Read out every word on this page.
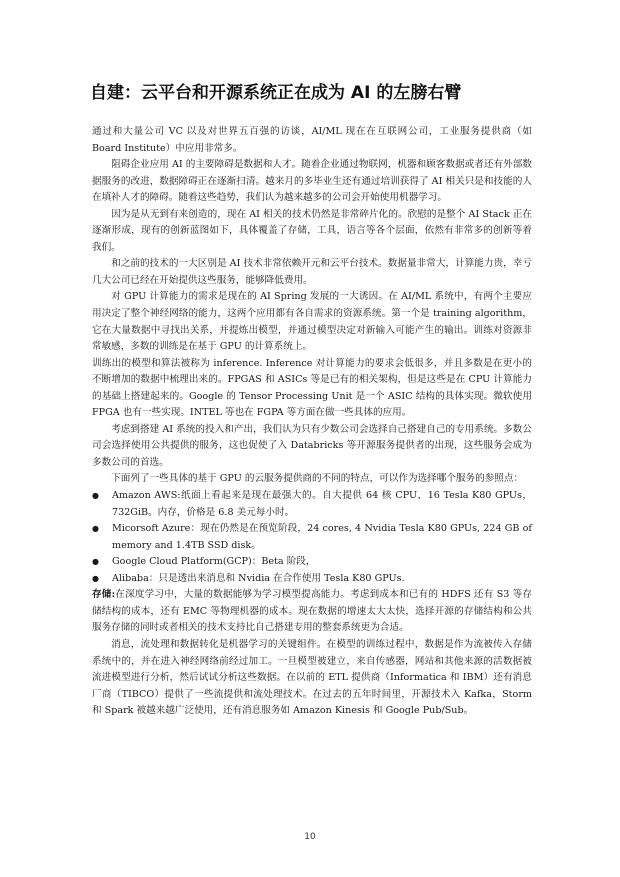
自建：云平台和开源系统正在成为 AI 的左膀右臂

通过和大量公司 VC 以及对世界五百强的访谈，AI/ML 现在在互联网公司，工业服务提供商（如 Board Institute）中应用非常多。

阻碍企业应用 AI 的主要障碍是数据和人才。随着企业通过物联网，机器和顾客数据或者还有外部数据服务的改进，数据障碍正在逐渐扫清。越来月的多毕业生还有通过培训获得了 AI 相关只是和技能的人在填补人才的障碍。随着这些趋势，我们认为越来越多的公司会开始使用机器学习。

因为是从无到有来创造的，现在 AI 相关的技术仍然是非常碎片化的。欣慰的是整个 AI Stack 正在逐渐形成，现有的创新蓝图如下，具体覆盖了存储，工具，语言等各个层面，依然有非常多的创新等着我们。

和之前的技术的一大区别是 AI 技术非常依赖开元和云平台技术。数据量非常大，计算能力贵，幸亏几大公司已经在开始提供这些服务，能够降低费用。

对 GPU 计算能力的需求是现在的 AI Spring 发展的一大诱因。在 AI/ML 系统中，有两个主要应用决定了整个神经网络的能力，这两个应用都有各自需求的资源系统。第一个是 training algorithm，它在大量数据中寻找出关系，并提炼出模型，并通过模型决定对新输入可能产生的输出。训练对资源非常敏感，多数的训练是在基于 GPU 的计算系统上。

训练出的模型和算法被称为 inference. Inference 对计算能力的要求会低很多，并且多数是在更小的不断增加的数据中梳理出来的。FPGAS 和 ASICs 等是已有的相关架构，但是这些是在 CPU 计算能力的基础上搭建起来的。Google 的 Tensor Processing Unit 是一个 ASIC 结构的具体实现。微软使用 FPGA 也有一些实现。INTEL 等也在 FGPA 等方面在做一些具体的应用。

考虑到搭建 AI 系统的投入和产出，我们认为只有少数公司会选择自己搭建自己的专用系统。多数公司会选择使用公共提供的服务，这也促使了入 Databricks 等开源服务提供者的出现，这些服务会成为多数公司的首选。

下面列了一些具体的基于 GPU 的云服务提供商的不同的特点，可以作为选择哪个服务的参照点：

●	Amazon AWS:纸面上看起来是现在最强大的。自大提供 64 核 CPU，16 Tesla K80 GPUs，732GiB。内存，价格是 6.8 美元每小时。
●	Micorsoft Azure：现在仍然是在预览阶段，24 cores, 4 Nvidia Tesla K80 GPUs, 224 GB of memory and 1.4TB SSD disk。
●	Google Cloud Platform(GCP)：Beta 阶段，
●	Alibaba：只是透出来消息和 Nvidia 在合作使用 Tesla K80 GPUs.

存储:在深度学习中，大量的数据能够为学习模型提高能力。考虑到成本和已有的 HDFS 还有 S3 等存储结构的成本，还有 EMC 等物理机器的成本。现在数据的增速太大太快，选择开源的存储结构和公共服务存储的同时或者相关的技术支持比自己搭建专用的整套系统更为合适。

消息，流处理和数据转化是机器学习的关键组件。在模型的训练过程中，数据是作为流被传入存储系统中的，并在进入神经网络前经过加工。一旦模型被建立，来自传感器，网站和其他来源的活数据被流进模型进行分析，然后试试分析这些数据。在以前的 ETL 提供商（Informatica 和 IBM）还有消息厂商（TIBCO）提供了一些流提供和流处理技术。在过去的五年时间里，开源技术入 Kafka，Storm 和 Spark 被越来越广泛使用，还有消息服务如 Amazon Kinesis 和 Google Pub/Sub。

10
